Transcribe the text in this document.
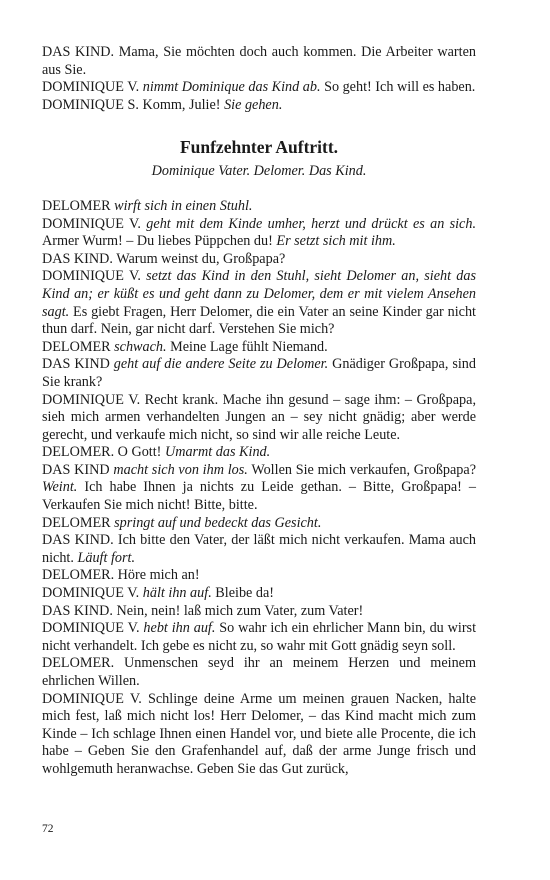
DAS KIND. Mama, Sie möchten doch auch kommen. Die Arbeiter warten aus Sie.

DOMINIQUE V. nimmt Dominique das Kind ab. So geht! Ich will es haben.

DOMINIQUE S. Komm, Julie! Sie gehen.

Funfzehnter Auftritt.
Dominique Vater. Delomer. Das Kind.

DELOMER wirft sich in einen Stuhl.

DOMINIQUE V. geht mit dem Kinde umher, herzt und drückt es an sich. Armer Wurm! – Du liebes Püppchen du! Er setzt sich mit ihm.

DAS KIND. Warum weinst du, Großpapa?

DOMINIQUE V. setzt das Kind in den Stuhl, sieht Delomer an, sieht das Kind an; er küßt es und geht dann zu Delomer, dem er mit vielem Ansehen sagt. Es giebt Fragen, Herr Delomer, die ein Vater an seine Kinder gar nicht thun darf. Nein, gar nicht darf. Verstehen Sie mich?

DELOMER schwach. Meine Lage fühlt Niemand.

DAS KIND geht auf die andere Seite zu Delomer. Gnädiger Großpapa, sind Sie krank?

DOMINIQUE V. Recht krank. Mache ihn gesund – sage ihm: – Großpapa, sieh mich armen verhandelten Jungen an – sey nicht gnädig; aber werde gerecht, und verkaufe mich nicht, so sind wir alle reiche Leute.

DELOMER. O Gott! Umarmt das Kind.

DAS KIND macht sich von ihm los. Wollen Sie mich verkaufen, Großpapa? Weint. Ich habe Ihnen ja nichts zu Leide gethan. – Bitte, Großpapa! – Verkaufen Sie mich nicht! Bitte, bitte.

DELOMER springt auf und bedeckt das Gesicht.

DAS KIND. Ich bitte den Vater, der läßt mich nicht verkaufen. Mama auch nicht. Läuft fort.

DELOMER. Höre mich an!

DOMINIQUE V. hält ihn auf. Bleibe da!

DAS KIND. Nein, nein! laß mich zum Vater, zum Vater!

DOMINIQUE V. hebt ihn auf. So wahr ich ein ehrlicher Mann bin, du wirst nicht verhandelt. Ich gebe es nicht zu, so wahr mit Gott gnädig seyn soll.

DELOMER. Unmenschen seyd ihr an meinem Herzen und meinem ehrlichen Willen.

DOMINIQUE V. Schlinge deine Arme um meinen grauen Nacken, halte mich fest, laß mich nicht los! Herr Delomer, – das Kind macht mich zum Kinde – Ich schlage Ihnen einen Handel vor, und biete alle Procente, die ich habe – Geben Sie den Grafenhandel auf, daß der arme Junge frisch und wohlgemuth heranwachse. Geben Sie das Gut zurück,

72
